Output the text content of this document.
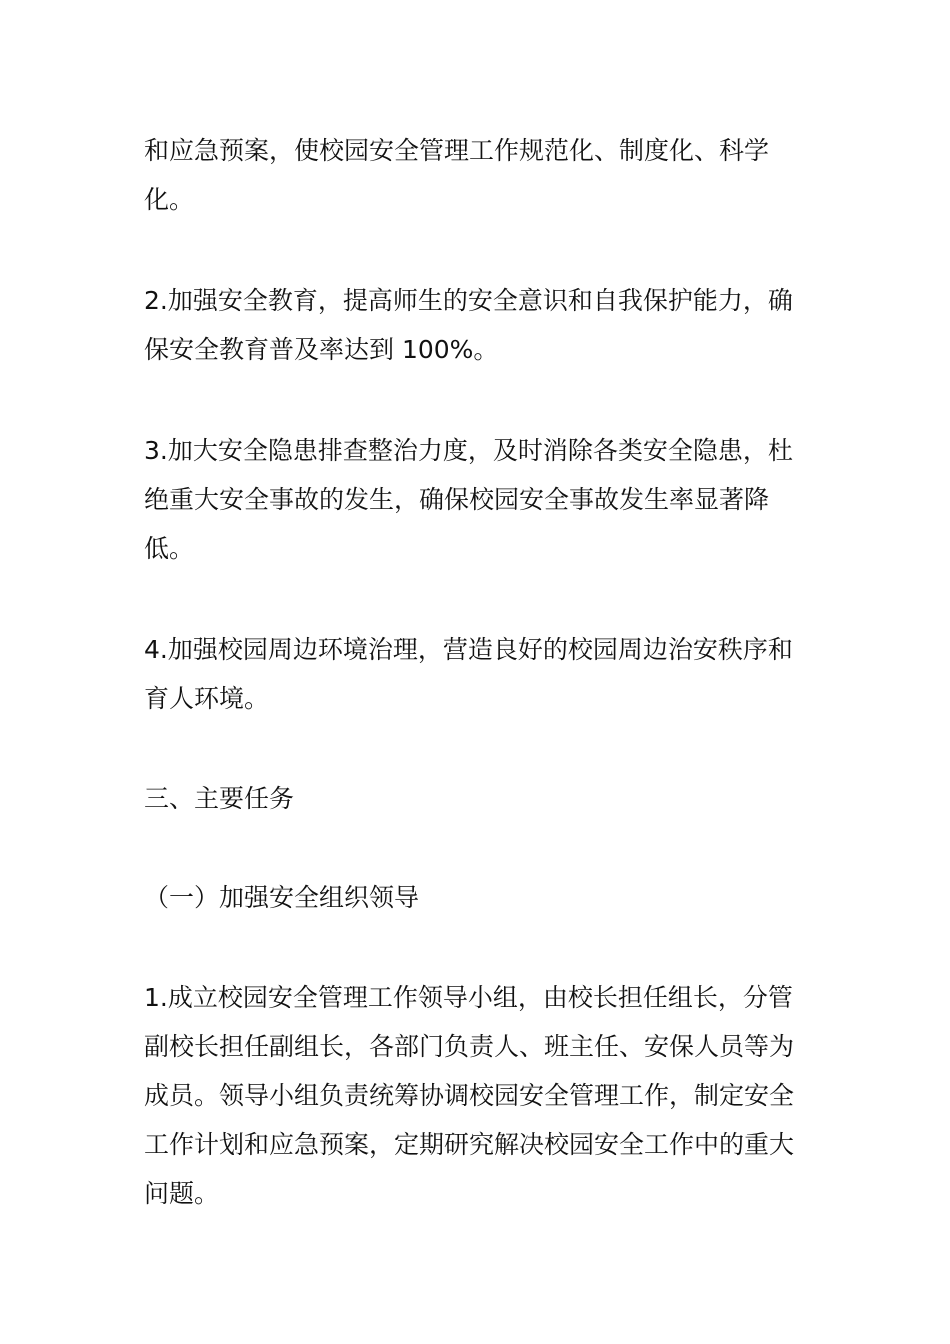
和应急预案，使校园安全管理工作规范化、制度化、科学化。

2.加强安全教育，提高师生的安全意识和自我保护能力，确保安全教育普及率达到 100%。

3.加大安全隐患排查整治力度，及时消除各类安全隐患，杜绝重大安全事故的发生，确保校园安全事故发生率显著降低。

4.加强校园周边环境治理，营造良好的校园周边治安秩序和育人环境。

三、主要任务

（一）加强安全组织领导

1.成立校园安全管理工作领导小组，由校长担任组长，分管副校长担任副组长，各部门负责人、班主任、安保人员等为成员。领导小组负责统筹协调校园安全管理工作，制定安全工作计划和应急预案，定期研究解决校园安全工作中的重大问题。
